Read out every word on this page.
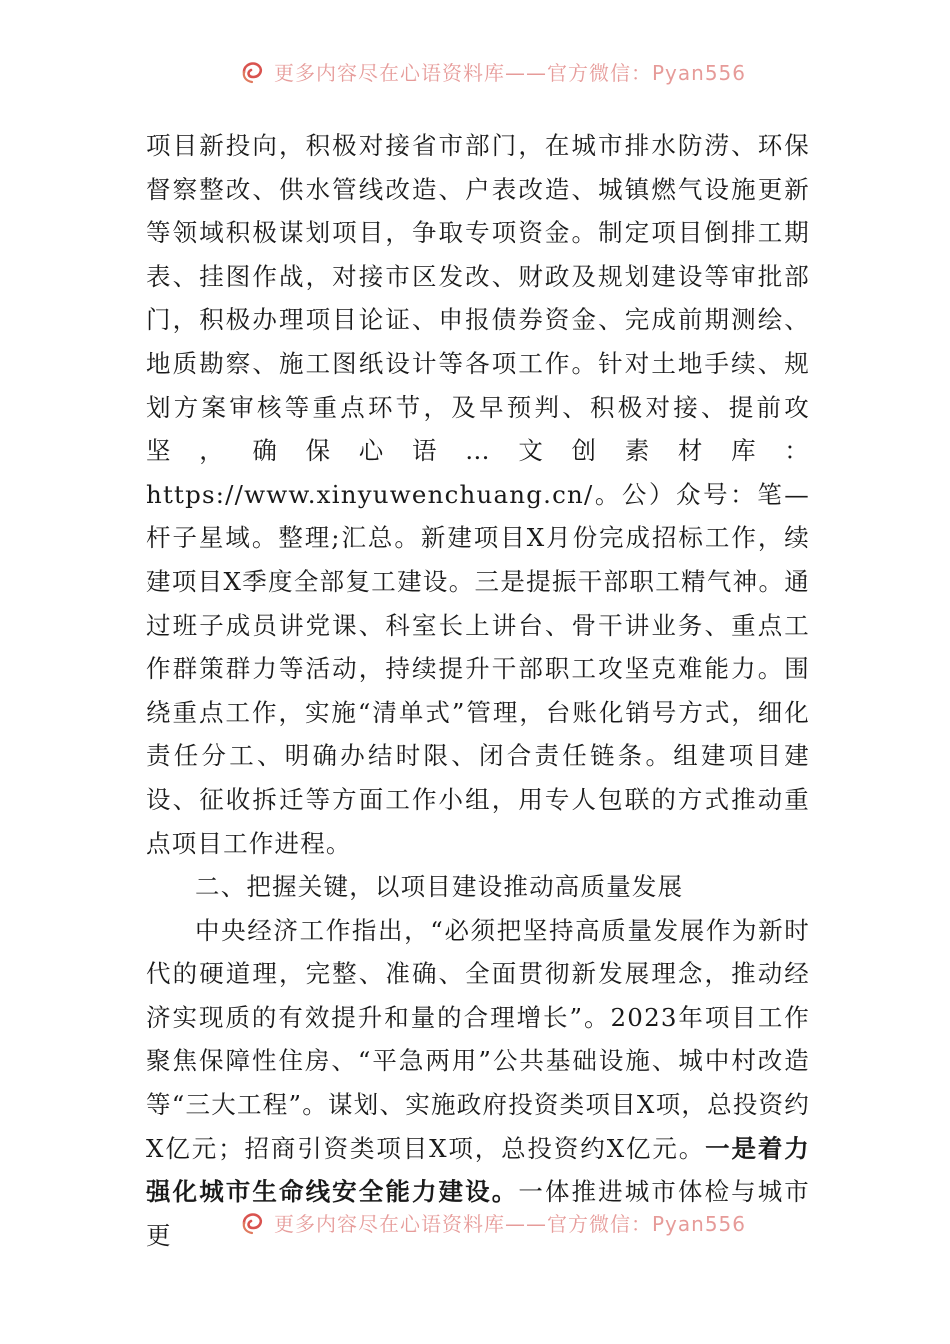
更多内容尽在心语资料库——官方微信：Pyan556

项目新投向，积极对接省市部门，在城市排水防涝、环保督察整改、供水管线改造、户表改造、城镇燃气设施更新等领域积极谋划项目，争取专项资金。制定项目倒排工期表、挂图作战，对接市区发改、财政及规划建设等审批部门，积极办理项目论证、申报债券资金、完成前期测绘、地质勘察、施工图纸设计等各项工作。针对土地手续、规划方案审核等重点环节，及早预判、积极对接、提前攻坚，确保心语…文创素材库：https://www.xinyuwenchuang.cn/。公）众号：笔—杆子星域。整理;汇总。新建项目X月份完成招标工作，续建项目X季度全部复工建设。三是提振干部职工精气神。通过班子成员讲党课、科室长上讲台、骨干讲业务、重点工作群策群力等活动，持续提升干部职工攻坚克难能力。围绕重点工作，实施“清单式”管理，台账化销号方式，细化责任分工、明确办结时限、闭合责任链条。组建项目建设、征收拆迁等方面工作小组，用专人包联的方式推动重点项目工作进程。

二、把握关键，以项目建设推动高质量发展

中央经济工作指出，“必须把坚持高质量发展作为新时代的硬道理，完整、准确、全面贯彻新发展理念，推动经济实现质的有效提升和量的合理增长”。2023年项目工作聚焦保障性住房、“平急两用”公共基础设施、城中村改造等“三大工程”。谋划、实施政府投资类项目X项，总投资约X亿元；招商引资类项目X项，总投资约X亿元。一是着力强化城市生命线安全能力建设。一体推进城市体检与城市更	更多内容尽在心语资料库——官方微信：Pyan556
